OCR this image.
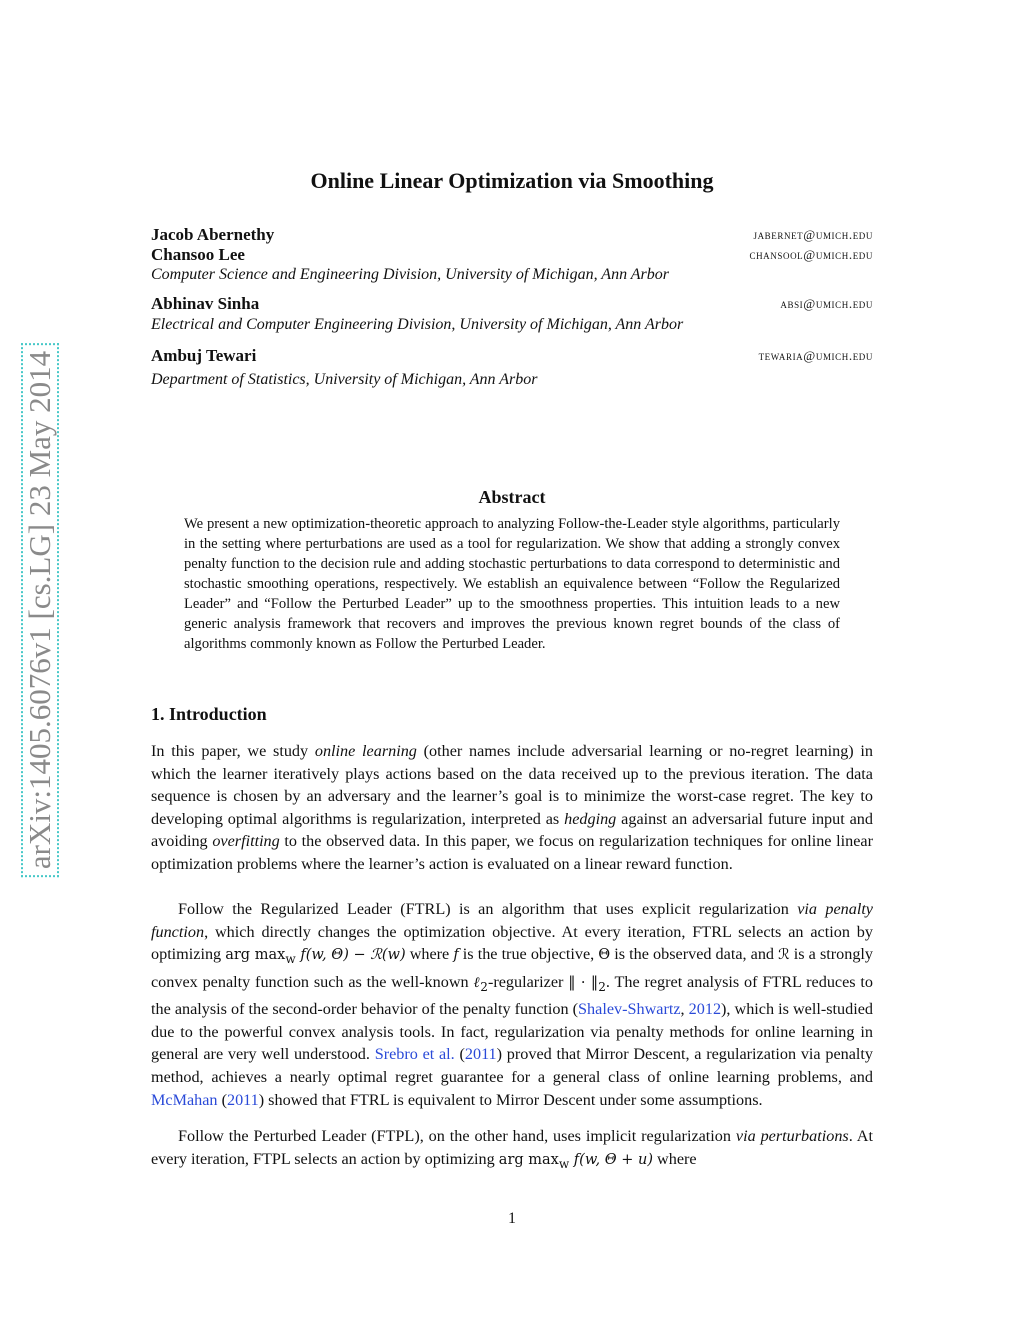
arXiv:1405.6076v1 [cs.LG] 23 May 2014
Online Linear Optimization via Smoothing
Jacob Abernethy	jabernet@umich.edu
Chansoo Lee	chansool@umich.edu
Computer Science and Engineering Division, University of Michigan, Ann Arbor
Abhinav Sinha	absi@umich.edu
Electrical and Computer Engineering Division, University of Michigan, Ann Arbor
Ambuj Tewari	tewaria@umich.edu
Department of Statistics, University of Michigan, Ann Arbor
Abstract
We present a new optimization-theoretic approach to analyzing Follow-the-Leader style algorithms, particularly in the setting where perturbations are used as a tool for regularization. We show that adding a strongly convex penalty function to the decision rule and adding stochastic perturbations to data correspond to deterministic and stochastic smoothing operations, respectively. We establish an equivalence between “Follow the Regularized Leader” and “Follow the Perturbed Leader” up to the smoothness properties. This intuition leads to a new generic analysis framework that recovers and improves the previous known regret bounds of the class of algorithms commonly known as Follow the Perturbed Leader.
1. Introduction
In this paper, we study online learning (other names include adversarial learning or no-regret learning) in which the learner iteratively plays actions based on the data received up to the previous iteration. The data sequence is chosen by an adversary and the learner’s goal is to minimize the worst-case regret. The key to developing optimal algorithms is regularization, interpreted as hedging against an adversarial future input and avoiding overfitting to the observed data. In this paper, we focus on regularization techniques for online linear optimization problems where the learner’s action is evaluated on a linear reward function.
Follow the Regularized Leader (FTRL) is an algorithm that uses explicit regularization via penalty function, which directly changes the optimization objective. At every iteration, FTRL selects an action by optimizing arg $\max_w f(w$, Θ) − ℛ(w) where f is the true objective, Θ is the observed data, and ℛ is a strongly convex penalty function such as the well-known ℓ$_2$-regularizer ‖ · $‖_2$. The regret analysis of FTRL reduces to the analysis of the second-order behavior of the penalty function (Shalev-Shwartz, 2012), which is well-studied due to the powerful convex analysis tools. In fact, regularization via penalty methods for online learning in general are very well understood. Srebro et al. (2011) proved that Mirror Descent, a regularization via penalty method, achieves a nearly optimal regret guarantee for a general class of online learning problems, and McMahan (2011) showed that FTRL is equivalent to Mirror Descent under some assumptions.
Follow the Perturbed Leader (FTPL), on the other hand, uses implicit regularization via perturbations. At every iteration, FTPL selects an action by optimizing arg $\max_w f(w$, Θ + u) where
1
